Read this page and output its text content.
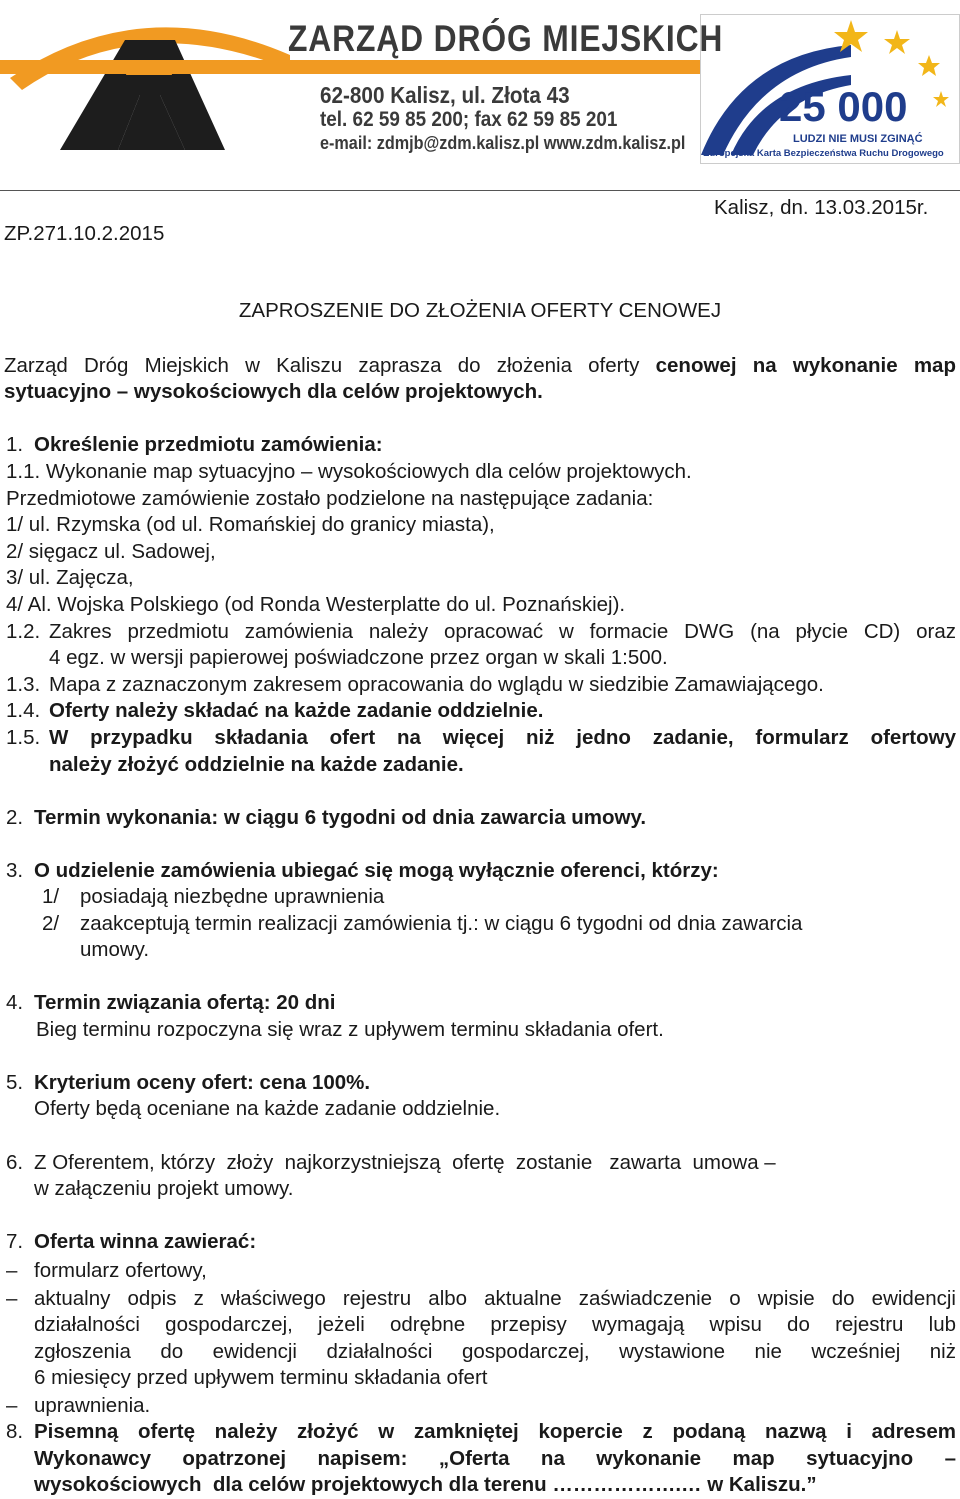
ZARZĄD DRÓG MIEJSKICH
62-800 Kalisz, ul. Złota 43
tel. 62 59 85 200; fax 62 59 85 201
e-mail: zdmjb@zdm.kalisz.pl www.zdm.kalisz.pl
25 000
LUDZI NIE MUSI ZGINĄĆ
Europejska Karta Bezpieczeństwa Ruchu Drogowego
Kalisz, dn. 13.03.2015r.
ZP.271.10.2.2015
ZAPROSZENIE DO ZŁOŻENIA OFERTY CENOWEJ
Zarząd Dróg Miejskich w Kaliszu zaprasza do złożenia oferty cenowej na wykonanie map
sytuacyjno – wysokościowych dla celów projektowych.
1. Określenie przedmiotu zamówienia:
1.1. Wykonanie map sytuacyjno – wysokościowych dla celów projektowych.
Przedmiotowe zamówienie zostało podzielone na następujące zadania:
1/ ul. Rzymska (od ul. Romańskiej do granicy miasta),
2/ sięgacz ul. Sadowej,
3/ ul. Zajęcza,
4/ Al. Wojska Polskiego (od Ronda Westerplatte do ul. Poznańskiej).
1.2. Zakres przedmiotu zamówienia należy opracować w formacie DWG (na płycie CD) oraz
4 egz. w wersji papierowej poświadczone przez organ w skali 1:500.
1.3. Mapa z zaznaczonym zakresem opracowania do wglądu w siedzibie Zamawiającego.
1.4. Oferty należy składać na każde zadanie oddzielnie.
1.5. W przypadku składania ofert na więcej niż jedno zadanie, formularz ofertowy
należy złożyć oddzielnie na każde zadanie.
2. Termin wykonania: w ciągu 6 tygodni od dnia zawarcia umowy.
3. O udzielenie zamówienia ubiegać się mogą wyłącznie oferenci, którzy:
1/	posiadają niezbędne uprawnienia
2/	zaakceptują termin realizacji zamówienia tj.: w ciągu 6 tygodni od dnia zawarcia
umowy.
4. Termin związania ofertą: 20 dni
Bieg terminu rozpoczyna się wraz z upływem terminu składania ofert.
5. Kryterium oceny ofert: cena 100%.
Oferty będą oceniane na każde zadanie oddzielnie.
6. Z Oferentem, którzy  złoży  najkorzystniejszą  ofertę  zostanie   zawarta  umowa –
w załączeniu projekt umowy.
7. Oferta winna zawierać:
– formularz ofertowy,
– aktualny odpis z właściwego rejestru albo aktualne zaświadczenie o wpisie do ewidencji
działalności gospodarczej, jeżeli odrębne przepisy wymagają wpisu do rejestru lub
zgłoszenia do ewidencji działalności gospodarczej, wystawione nie wcześniej niż
6 miesięcy przed upływem terminu składania ofert
– uprawnienia.
8. Pisemną ofertę należy złożyć w zamkniętej kopercie z podaną nazwą i adresem
Wykonawcy opatrzonej napisem: „Oferta na wykonanie map sytuacyjno –
wysokościowych  dla celów projektowych dla terenu ……………….… w Kaliszu.”
